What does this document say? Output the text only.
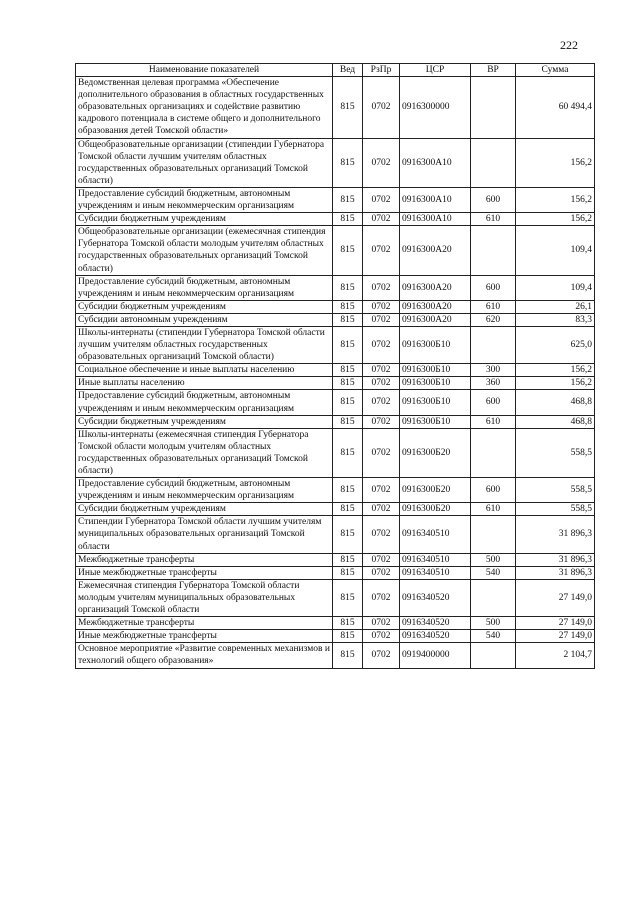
222
Наименование показателей	Вед	РзПр	ЦСР	ВР	Сумма
Ведомственная целевая программа «Обеспечение дополнительного образования в областных государственных образовательных организациях и содействие развитию кадрового потенциала в системе общего и дополнительного образования детей Томской области»	815	0702	0916300000		60 494,4
Общеобразовательные организации (стипендии Губернатора Томской области лучшим учителям областных государственных образовательных организаций Томской области)	815	0702	0916300А10		156,2
Предоставление субсидий бюджетным, автономным учреждениям и иным некоммерческим организациям	815	0702	0916300А10	600	156,2
Субсидии бюджетным учреждениям	815	0702	0916300А10	610	156,2
Общеобразовательные организации (ежемесячная стипендия Губернатора Томской области молодым учителям областных государственных образовательных организаций Томской области)	815	0702	0916300А20		109,4
Предоставление субсидий бюджетным, автономным учреждениям и иным некоммерческим организациям	815	0702	0916300А20	600	109,4
Субсидии бюджетным учреждениям	815	0702	0916300А20	610	26,1
Субсидии автономным учреждениям	815	0702	0916300А20	620	83,3
Школы-интернаты (стипендии Губернатора Томской области лучшим учителям областных государственных образовательных организаций Томской области)	815	0702	0916300Б10		625,0
Социальное обеспечение и иные выплаты населению	815	0702	0916300Б10	300	156,2
Иные выплаты населению	815	0702	0916300Б10	360	156,2
Предоставление субсидий бюджетным, автономным учреждениям и иным некоммерческим организациям	815	0702	0916300Б10	600	468,8
Субсидии бюджетным учреждениям	815	0702	0916300Б10	610	468,8
Школы-интернаты (ежемесячная стипендия Губернатора Томской области молодым учителям областных государственных образовательных организаций Томской области)	815	0702	0916300Б20		558,5
Предоставление субсидий бюджетным, автономным учреждениям и иным некоммерческим организациям	815	0702	0916300Б20	600	558,5
Субсидии бюджетным учреждениям	815	0702	0916300Б20	610	558,5
Стипендии Губернатора Томской области лучшим учителям муниципальных образовательных организаций Томской области	815	0702	0916340510		31 896,3
Межбюджетные трансферты	815	0702	0916340510	500	31 896,3
Иные межбюджетные трансферты	815	0702	0916340510	540	31 896,3
Ежемесячная стипендия Губернатора Томской области молодым учителям муниципальных образовательных организаций Томской области	815	0702	0916340520		27 149,0
Межбюджетные трансферты	815	0702	0916340520	500	27 149,0
Иные межбюджетные трансферты	815	0702	0916340520	540	27 149,0
Основное мероприятие «Развитие современных механизмов и технологий общего образования»	815	0702	0919400000		2 104,7
